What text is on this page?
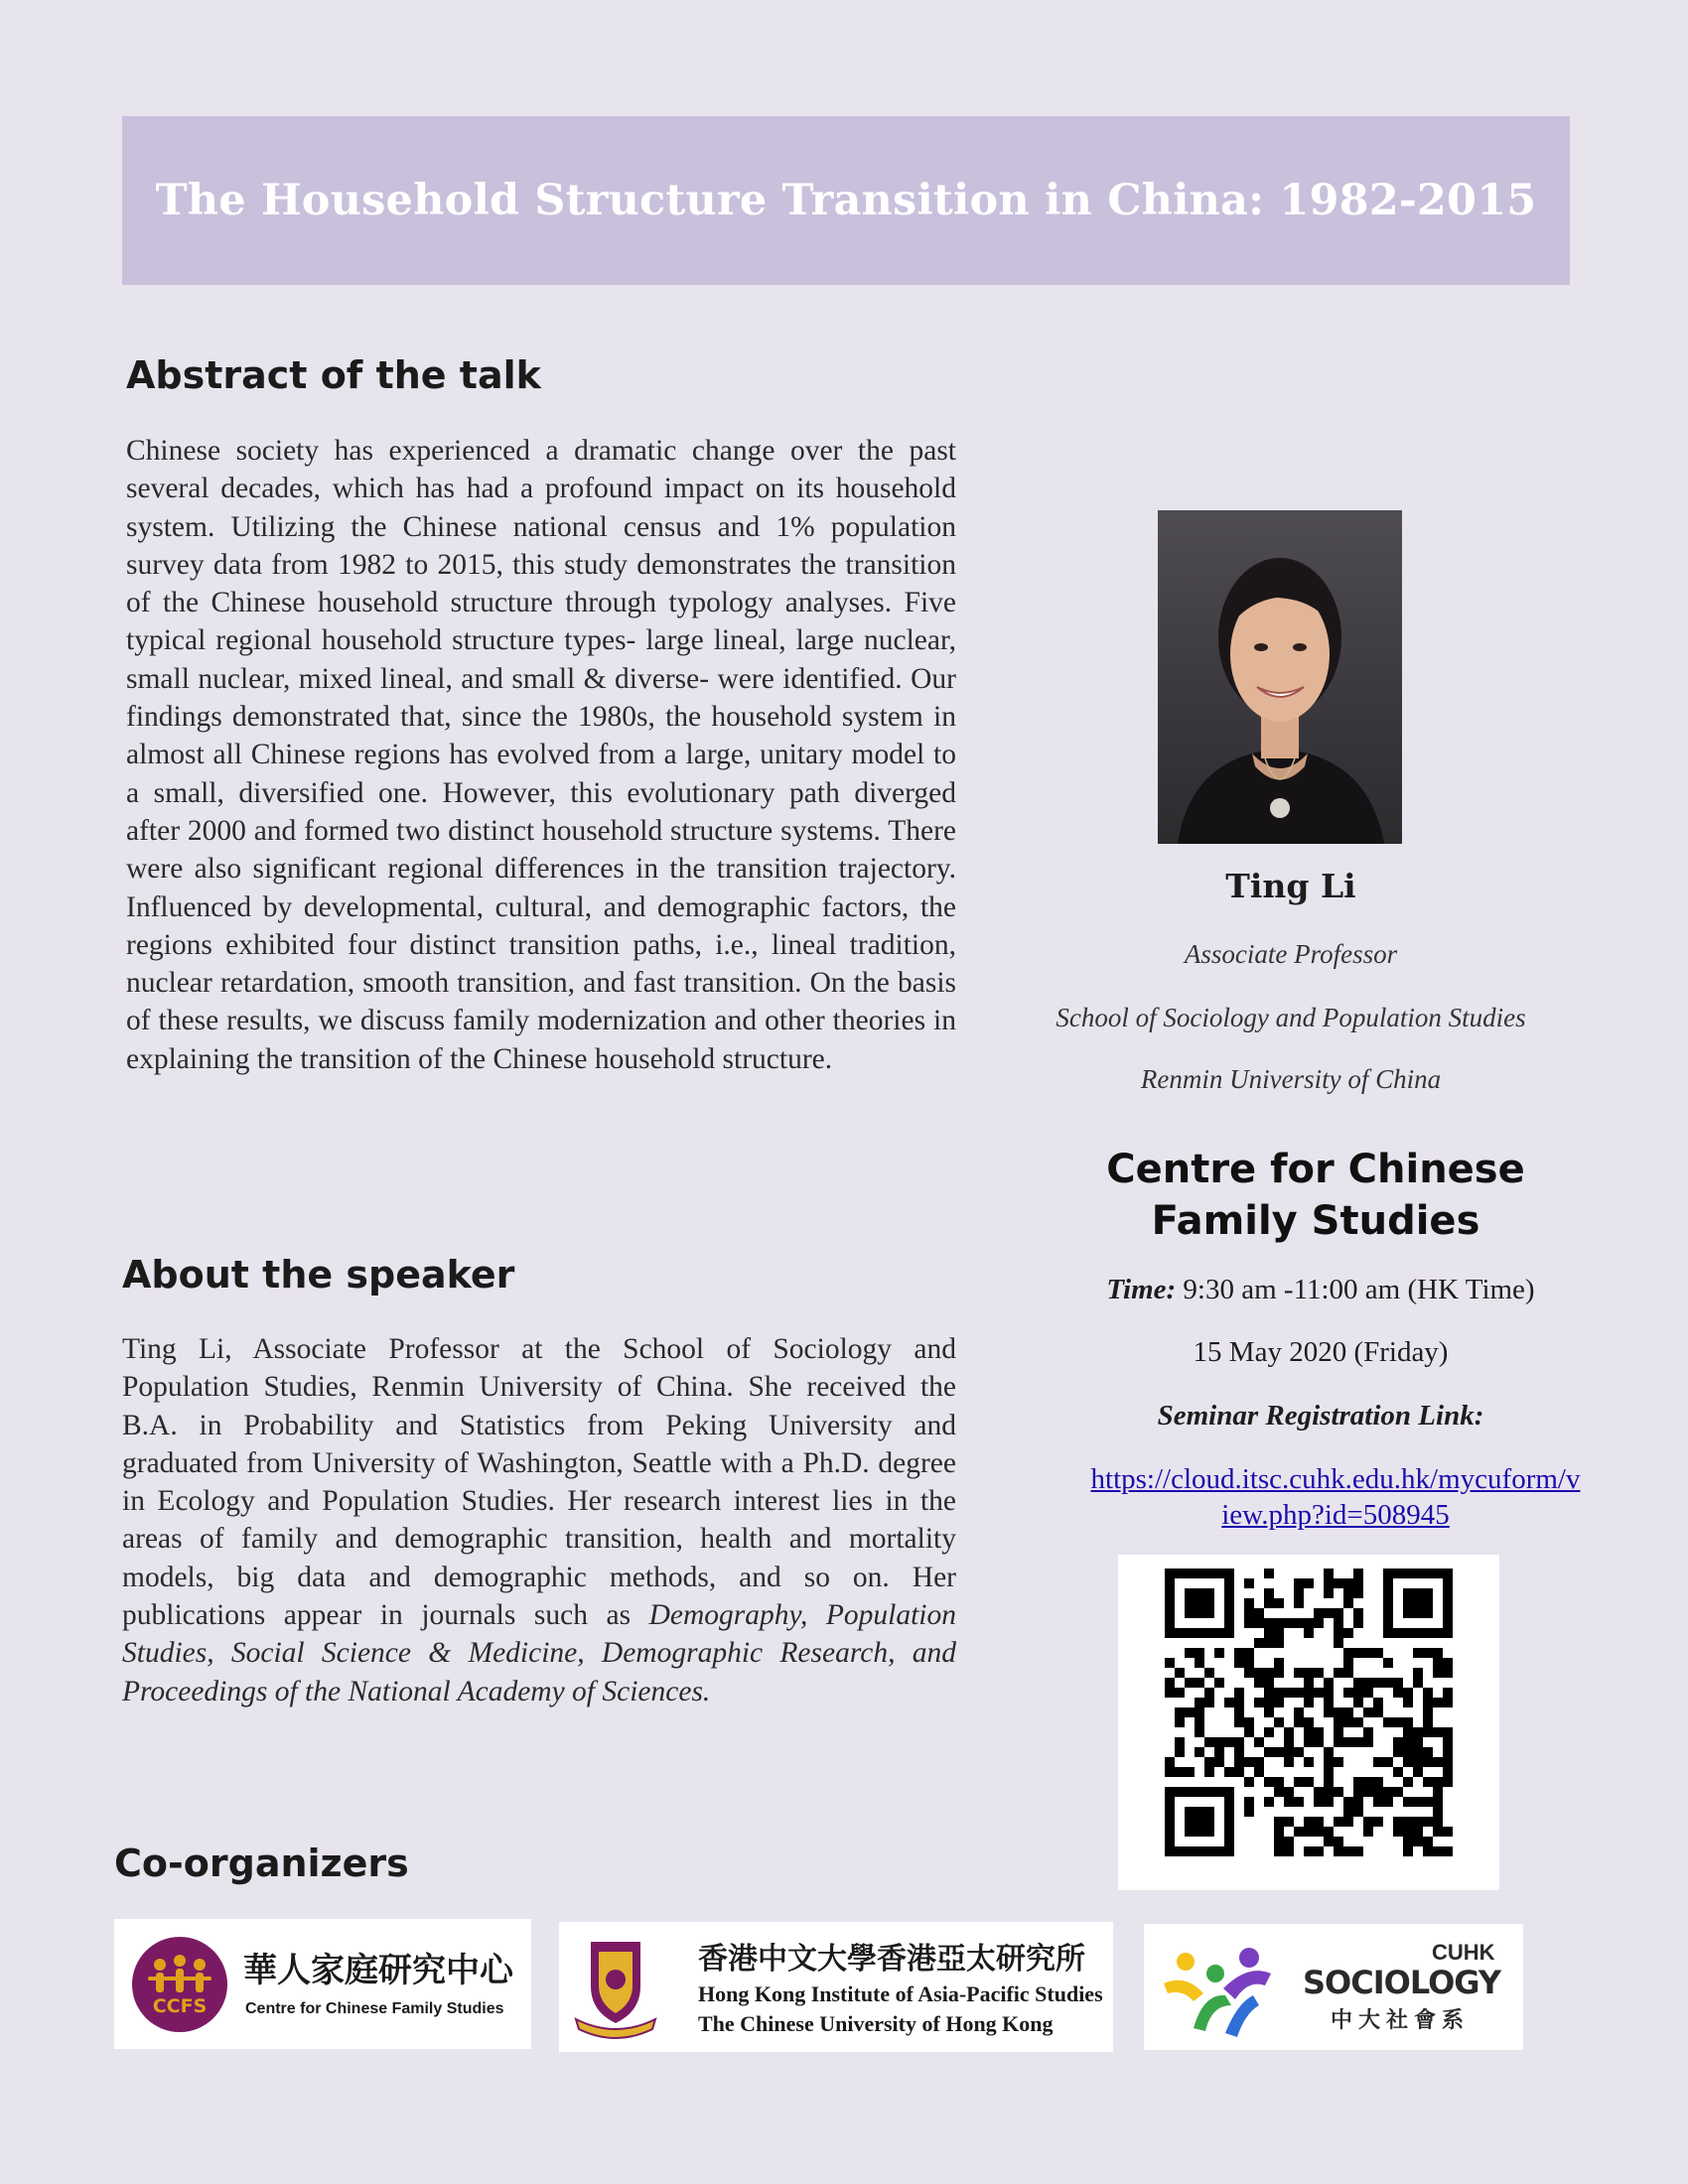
The Household Structure Transition in China: 1982-2015
Abstract of the talk

Chinese society has experienced a dramatic change over the past several decades, which has had a profound impact on its household system. Utilizing the Chinese national census and 1% population survey data from 1982 to 2015, this study demonstrates the transition of the Chinese household structure through typology analyses. Five typical regional household structure types- large lineal, large nuclear, small nuclear, mixed lineal, and small & diverse- were identified. Our findings demonstrated that, since the 1980s, the household system in almost all Chinese regions has evolved from a large, unitary model to a small, diversified one. However, this evolutionary path diverged after 2000 and formed two distinct household structure systems. There were also significant regional differences in the transition trajectory. Influenced by developmental, cultural, and demographic factors, the regions exhibited four distinct transition paths, i.e., lineal tradition, nuclear retardation, smooth transition, and fast transition. On the basis of these results, we discuss family modernization and other theories in explaining the transition of the Chinese household structure.

About the speaker

Ting Li, Associate Professor at the School of Sociology and Population Studies, Renmin University of China. She received the B.A. in Probability and Statistics from Peking University and graduated from University of Washington, Seattle with a Ph.D. degree in Ecology and Population Studies. Her research interest lies in the areas of family and demographic transition, health and mortality models, big data and demographic methods, and so on. Her publications appear in journals such as Demography, Population Studies, Social Science & Medicine, Demographic Research, and Proceedings of the National Academy of Sciences.

Ting Li
Associate Professor
School of Sociology and Population Studies
Renmin University of China
Centre for Chinese Family Studies
Time: 9:30 am -11:00 am (HK Time)
15 May 2020 (Friday)
Seminar Registration Link:
https://cloud.itsc.cuhk.edu.hk/mycuform/v
iew.php?id=508945
Co-organizers
CCFS
華人家庭研究中心
Centre for Chinese Family Studies
香港中文大學香港亞太研究所
Hong Kong Institute of Asia-Pacific Studies
The Chinese University of Hong Kong
CUHK
SOCIOLOGY
中大社會系
